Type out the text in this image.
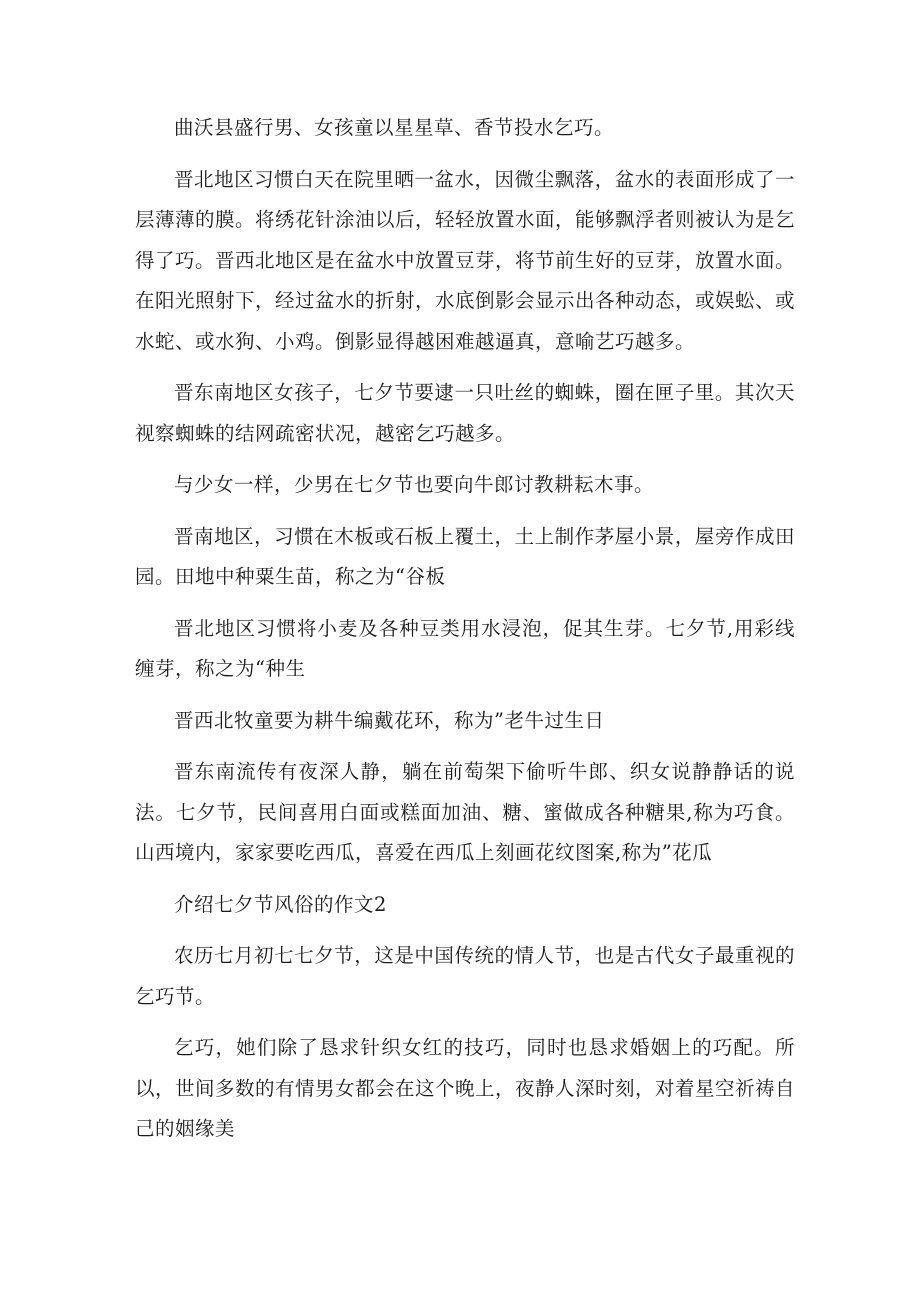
曲沃县盛行男、女孩童以星星草、香节投水乞巧。

晋北地区习惯白天在院里晒一盆水，因微尘飘落，盆水的表面形成了一层薄薄的膜。将绣花针涂油以后，轻轻放置水面，能够飘浮者则被认为是乞得了巧。晋西北地区是在盆水中放置豆芽，将节前生好的豆芽，放置水面。在阳光照射下，经过盆水的折射，水底倒影会显示出各种动态，或娱蚣、或水蛇、或水狗、小鸡。倒影显得越困难越逼真，意喻艺巧越多。

晋东南地区女孩子，七夕节要逮一只吐丝的蜘蛛，圈在匣子里。其次天视察蜘蛛的结网疏密状况，越密乞巧越多。

与少女一样，少男在七夕节也要向牛郎讨教耕耘木事。

晋南地区，习惯在木板或石板上覆土，土上制作茅屋小景，屋旁作成田园。田地中种粟生苗，称之为“谷板

晋北地区习惯将小麦及各种豆类用水浸泡，促其生芽。七夕节,用彩线缠芽，称之为“种生

晋西北牧童要为耕牛编戴花环，称为”老牛过生日

晋东南流传有夜深人静，躺在前萄架下偷听牛郎、织女说静静话的说法。七夕节，民间喜用白面或糕面加油、糖、蜜做成各种糖果,称为巧食。山西境内，家家要吃西瓜，喜爱在西瓜上刻画花纹图案,称为”花瓜

介绍七夕节风俗的作文2

农历七月初七七夕节，这是中国传统的情人节，也是古代女子最重视的乞巧节。

乞巧，她们除了恳求针织女红的技巧，同时也恳求婚姻上的巧配。所以，世间多数的有情男女都会在这个晚上，夜静人深时刻，对着星空祈祷自己的姻缘美
